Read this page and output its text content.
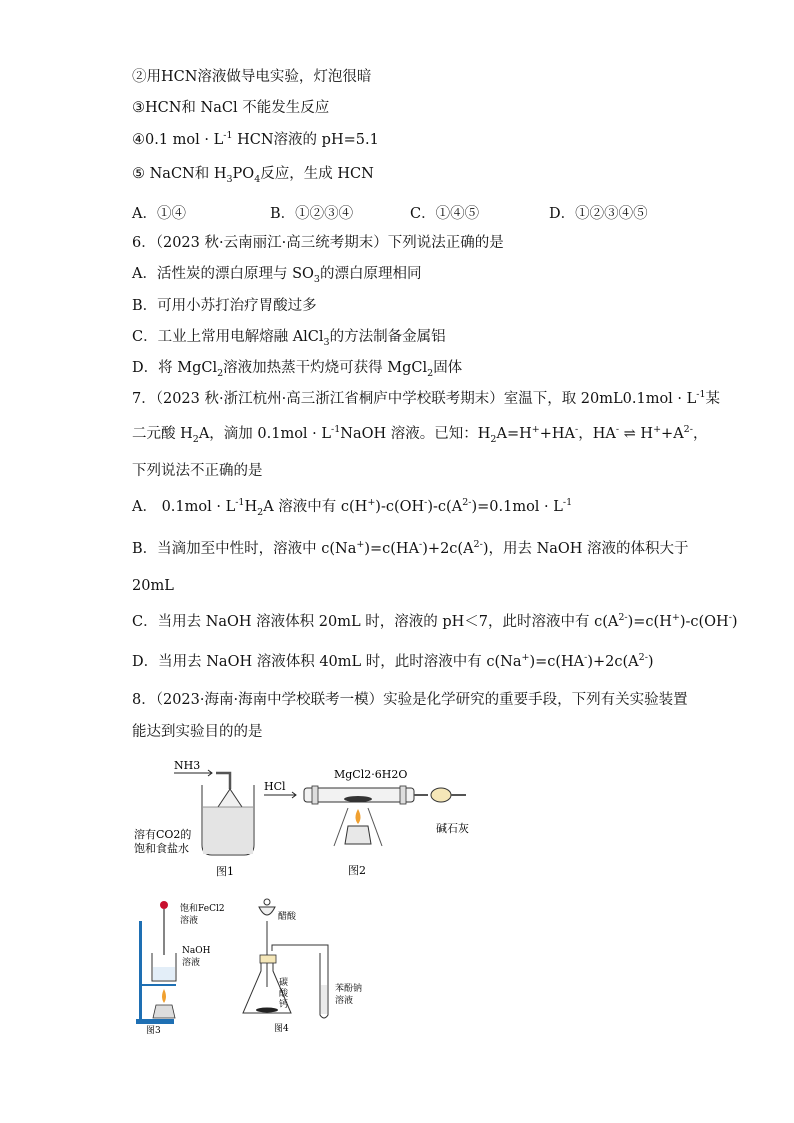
②用HCN溶液做导电实验，灯泡很暗
③HCN和 NaCl 不能发生反应
④0.1 mol · $L^{-1}$ HCN溶液的 pH=5.1
⑤ NaCN和 $H_3PO_4$反应，生成 HCN
A．①④	B．①②③④	C．①④⑤	D．①②③④⑤
6．（2023 秋·云南丽江·高三统考期末）下列说法正确的是
A．活性炭的漂白原理与 $SO_3$的漂白原理相同
B．可用小苏打治疗胃酸过多
C．工业上常用电解熔融 AlCl$_3$的方法制备金属铝
D．将 MgCl$_2$溶液加热蒸干灼烧可获得 MgCl$_2$固体
7．（2023 秋·浙江杭州·高三浙江省桐庐中学校联考期末）室温下，取 $20mL0.1mol \cdot L^{-1}$某
二元酸 $H_2A$，滴加 $0.1mol \cdot L^{-1}NaOH$ 溶液。已知：$H_2A=H^++HA^-$，HA- ⇌ $H^++A^{2-}$，
下列说法不正确的是
A． $0.1mol \cdot L^{-1}H_2A$ 溶液中有 $c(H^+)-c(OH^-)-c(A^{2-})=0.1mol \cdot L^{-1}$
B．当滴加至中性时，溶液中 $c(Na^+)=c(HA^-)+2c(A^{2-})$，用去 NaOH 溶液的体积大于
20mL
C．当用去 NaOH 溶液体积 20mL 时，溶液的 pH＜7，此时溶液中有 $c(A^{2-})=c(H^+)-c(OH^-)$
D．当用去 NaOH 溶液体积 40mL 时，此时溶液中有 $c(Na^+)=c(HA^-)+2c(A^{2-})$
8．（2023·海南·海南中学校联考一模）实验是化学研究的重要手段，下列有关实验装置
能达到实验目的的是
NH3
溶有CO2的
饱和食盐水
图1
HCl
MgCl2·6H2O
碱石灰
图2
饱和FeCl2
溶液
NaOH
溶液
图3
醋酸
碳
酸
钙
苯酚钠
溶液
图4
